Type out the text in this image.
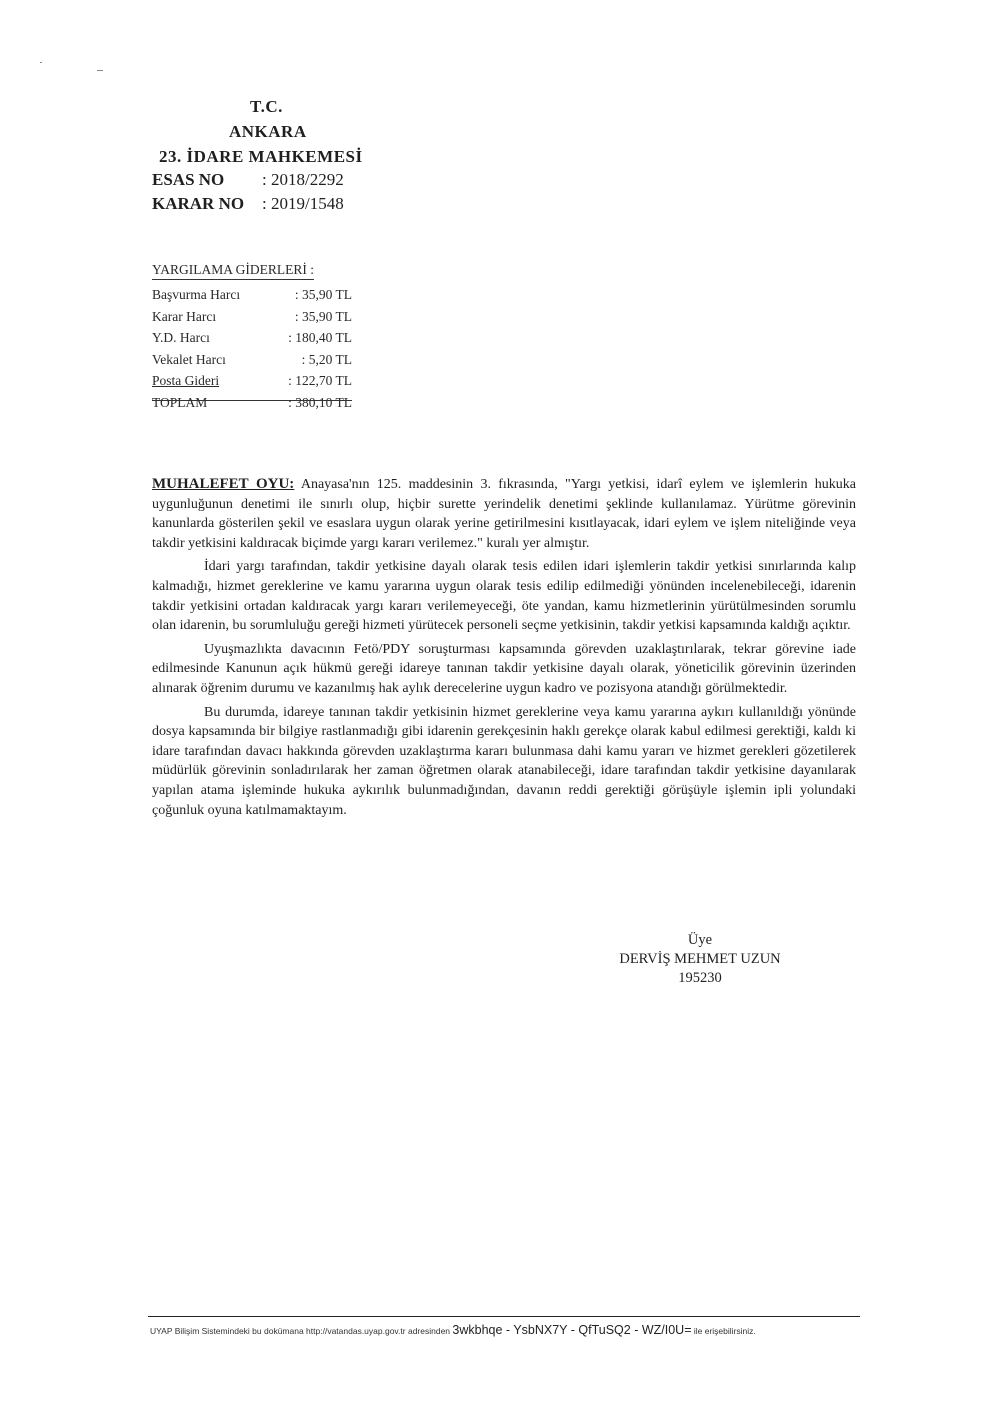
T.C.
ANKARA
23. İDARE MAHKEMESİ
ESAS NO : 2018/2292
KARAR NO : 2019/1548
YARGILAMA GİDERLERİ :
Başvurma Harcı	: 35,90 TL
Karar Harcı	: 35,90 TL
Y.D. Harcı	: 180,40 TL
Vekalet Harcı	: 5,20 TL
Posta Gideri	: 122,70 TL
TOPLAM	: 380,10 TL

MUHALEFET OYU: Anayasa'nın 125. maddesinin 3. fıkrasında, "Yargı yetkisi, idarî eylem ve işlemlerin hukuka uygunluğunun denetimi ile sınırlı olup, hiçbir surette yerindelik denetimi şeklinde kullanılamaz. Yürütme görevinin kanunlarda gösterilen şekil ve esaslara uygun olarak yerine getirilmesini kısıtlayacak, idari eylem ve işlem niteliğinde veya takdir yetkisini kaldıracak biçimde yargı kararı verilemez." kuralı yer almıştır.

İdari yargı tarafından, takdir yetkisine dayalı olarak tesis edilen idari işlemlerin takdir yetkisi sınırlarında kalıp kalmadığı, hizmet gereklerine ve kamu yararına uygun olarak tesis edilip edilmediği yönünden incelenebileceği, idarenin takdir yetkisini ortadan kaldıracak yargı kararı verilemeyeceği, öte yandan, kamu hizmetlerinin yürütülmesinden sorumlu olan idarenin, bu sorumluluğu gereği hizmeti yürütecek personeli seçme yetkisinin, takdir yetkisi kapsamında kaldığı açıktır.

Uyuşmazlıkta davacının Fetö/PDY soruşturması kapsamında görevden uzaklaştırılarak, tekrar görevine iade edilmesinde Kanunun açık hükmü gereği idareye tanınan takdir yetkisine dayalı olarak, yöneticilik görevinin üzerinden alınarak öğrenim durumu ve kazanılmış hak aylık derecelerine uygun kadro ve pozisyona atandığı görülmektedir.

Bu durumda, idareye tanınan takdir yetkisinin hizmet gereklerine veya kamu yararına aykırı kullanıldığı yönünde dosya kapsamında bir bilgiye rastlanmadığı gibi idarenin gerekçesinin haklı gerekçe olarak kabul edilmesi gerektiği, kaldı ki idare tarafından davacı hakkında görevden uzaklaştırma kararı bulunmasa dahi kamu yararı ve hizmet gerekleri gözetilerek müdürlük görevinin sonladırılarak her zaman öğretmen olarak atanabileceği, idare tarafından takdir yetkisine dayanılarak yapılan atama işleminde hukuka aykırılık bulunmadığından, davanın reddi gerektiği görüşüyle işlemin ipli yolundaki çoğunluk oyuna katılmamaktayım.

Üye
DERVİŞ MEHMET UZUN
195230
UYAP Bilişim Sistemindeki bu dokümana http://vatandas.uyap.gov.tr adresinden 3wkbhqe - YsbNX7Y - QfTuSQ2 - WZ/I0U= ile erişebilirsiniz.
